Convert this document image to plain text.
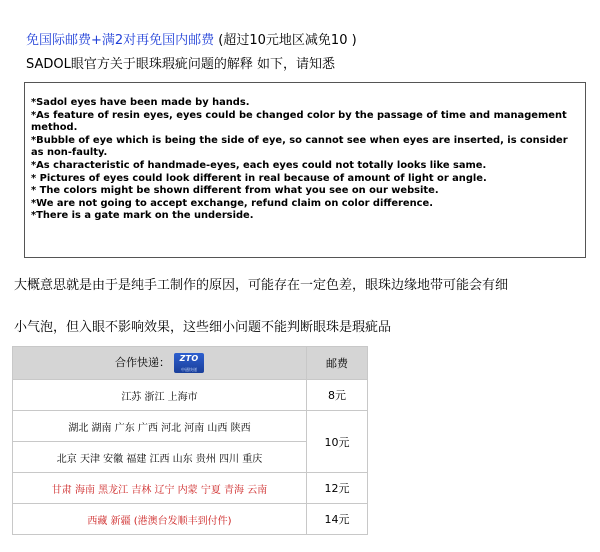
免国际邮费+满2对再免国内邮费 (超过10元地区减免10 )
SADOL眼官方关于眼珠瑕疵问题的解释 如下，请知悉

*Sadol eyes have been made by hands.

*As feature of resin eyes, eyes could be changed color by the passage of time and management method.

*Bubble of eye which is being the side of eye, so cannot see when eyes are inserted, is consider as non-faulty.

*As characteristic of handmade-eyes, each eyes could not totally looks like same.

* Pictures of eyes could look different in real because of amount of light or angle.

* The colors might be shown different from what you see on our website.

*We are not going to accept exchange, refund claim on color difference.

*There is a gate mark on the underside.

大概意思就是由于是纯手工制作的原因，可能存在一定色差，眼珠边缘地带可能会有细
小气泡，但入眼不影响效果，这些细小问题不能判断眼珠是瑕疵品
合作快递： ZTO
中通快递	邮费
江苏 浙江 上海市	8元
湖北 湖南 广东 广西 河北 河南 山西 陕西	10元
北京 天津 安徽 福建 江西 山东 贵州 四川 重庆	
甘肃 海南 黑龙江 吉林 辽宁 内蒙 宁夏 青海 云南	12元
西藏 新疆 (港澳台发顺丰到付件)	14元
